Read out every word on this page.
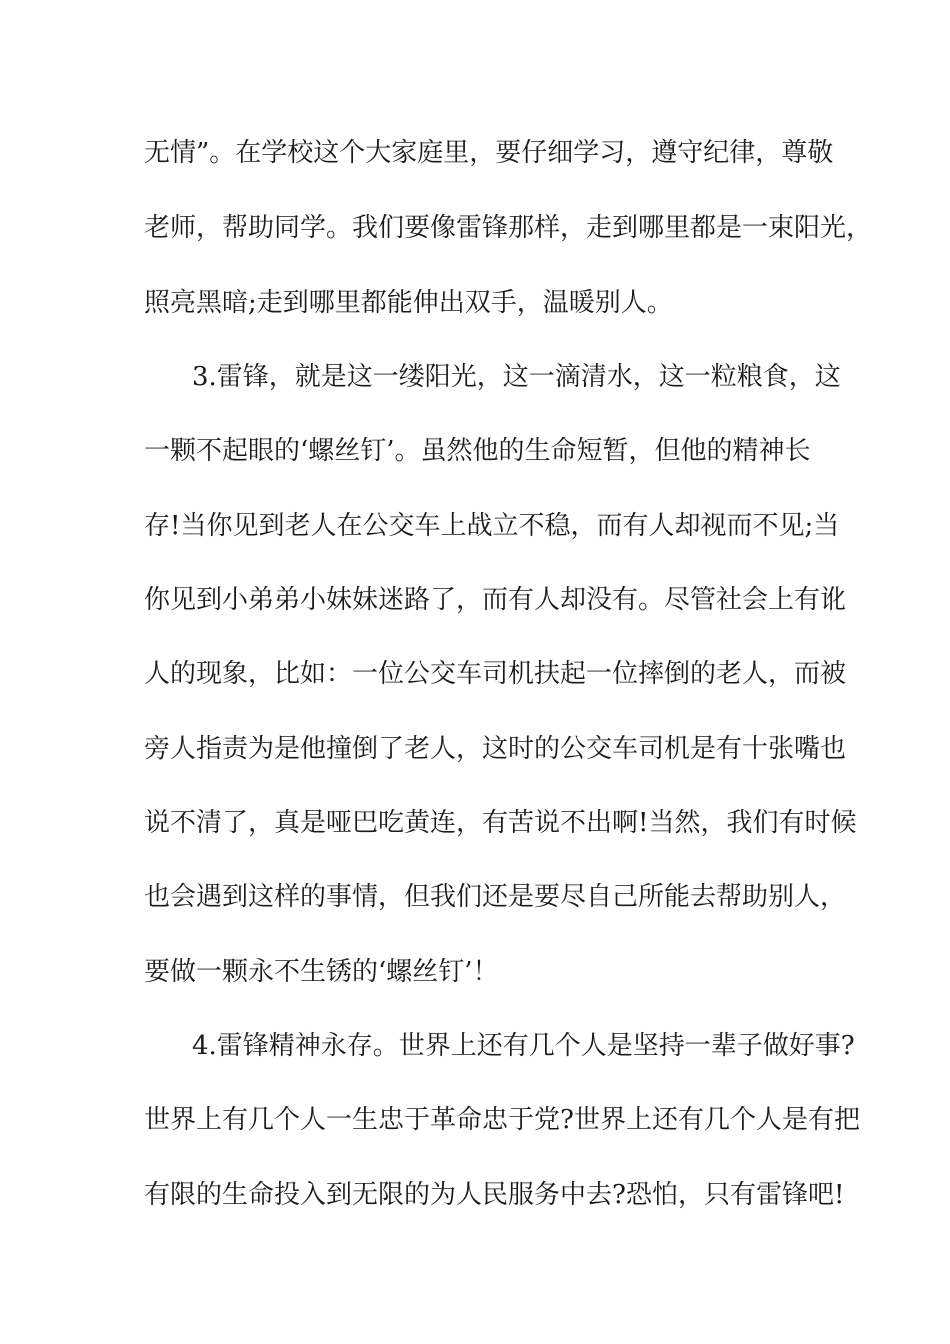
无情”。在学校这个大家庭里，要仔细学习，遵守纪律，尊敬
老师，帮助同学。我们要像雷锋那样，走到哪里都是一束阳光，
照亮黑暗;走到哪里都能伸出双手，温暖别人。
3.雷锋，就是这一缕阳光，这一滴清水，这一粒粮食，这
一颗不起眼的‘螺丝钉’。虽然他的生命短暂，但他的精神长
存!当你见到老人在公交车上战立不稳，而有人却视而不见;当
你见到小弟弟小妹妹迷路了，而有人却没有。尽管社会上有讹
人的现象，比如：一位公交车司机扶起一位摔倒的老人，而被
旁人指责为是他撞倒了老人，这时的公交车司机是有十张嘴也
说不清了，真是哑巴吃黄连，有苦说不出啊!当然，我们有时候
也会遇到这样的事情，但我们还是要尽自己所能去帮助别人，
要做一颗永不生锈的‘螺丝钉’！
4.雷锋精神永存。世界上还有几个人是坚持一辈子做好事?
世界上有几个人一生忠于革命忠于党?世界上还有几个人是有把
有限的生命投入到无限的为人民服务中去?恐怕，只有雷锋吧!
